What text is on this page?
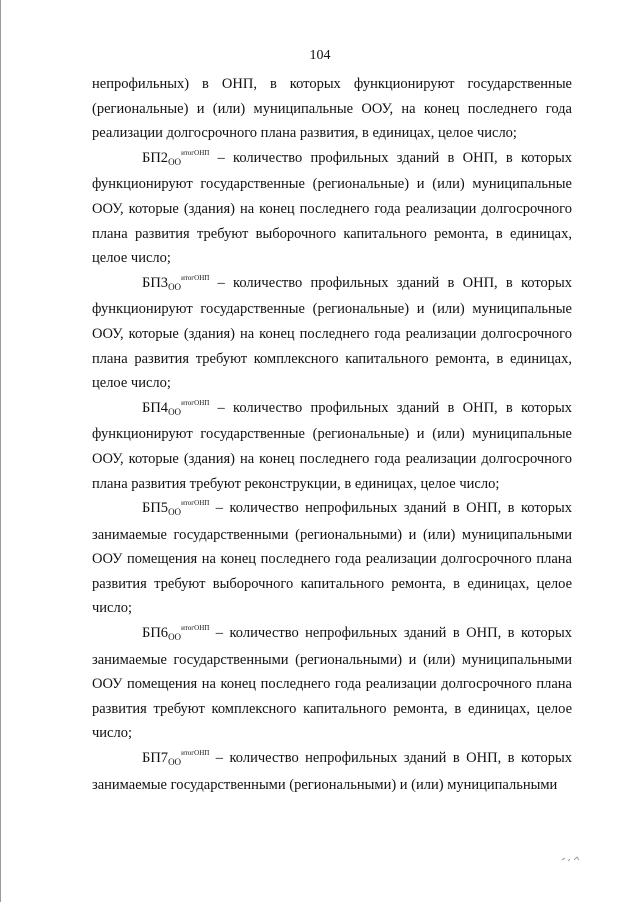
104

непрофильных) в ОНП, в которых функционируют государственные (региональные) и (или) муниципальные ООУ, на конец последнего года реализации долгосрочного плана развития, в единицах, целое число;

$БП2_{ОО}^{итогОНП}$ – количество профильных зданий в ОНП, в которых функционируют государственные (региональные) и (или) муниципальные ООУ, которые (здания) на конец последнего года реализации долгосрочного плана развития требуют выборочного капитального ремонта, в единицах, целое число;

$БП3_{ОО}^{итогОНП}$ – количество профильных зданий в ОНП, в которых функционируют государственные (региональные) и (или) муниципальные ООУ, которые (здания) на конец последнего года реализации долгосрочного плана развития требуют комплексного капитального ремонта, в единицах, целое число;

$БП4_{ОО}^{итогОНП}$ – количество профильных зданий в ОНП, в которых функционируют государственные (региональные) и (или) муниципальные ООУ, которые (здания) на конец последнего года реализации долгосрочного плана развития требуют реконструкции, в единицах, целое число;

$БП5_{ОО}^{итогОНП}$ – количество непрофильных зданий в ОНП, в которых занимаемые государственными (региональными) и (или) муниципальными ООУ помещения на конец последнего года реализации долгосрочного плана развития требуют выборочного капитального ремонта, в единицах, целое число;

$БП6_{ОО}^{итогОНП}$ – количество непрофильных зданий в ОНП, в которых занимаемые государственными (региональными) и (или) муниципальными ООУ помещения на конец последнего года реализации долгосрочного плана развития требуют комплексного капитального ремонта, в единицах, целое число;

$БП7_{ОО}^{итогОНП}$ – количество непрофильных зданий в ОНП, в которых занимаемые государственными (региональными) и (или) муниципальными
